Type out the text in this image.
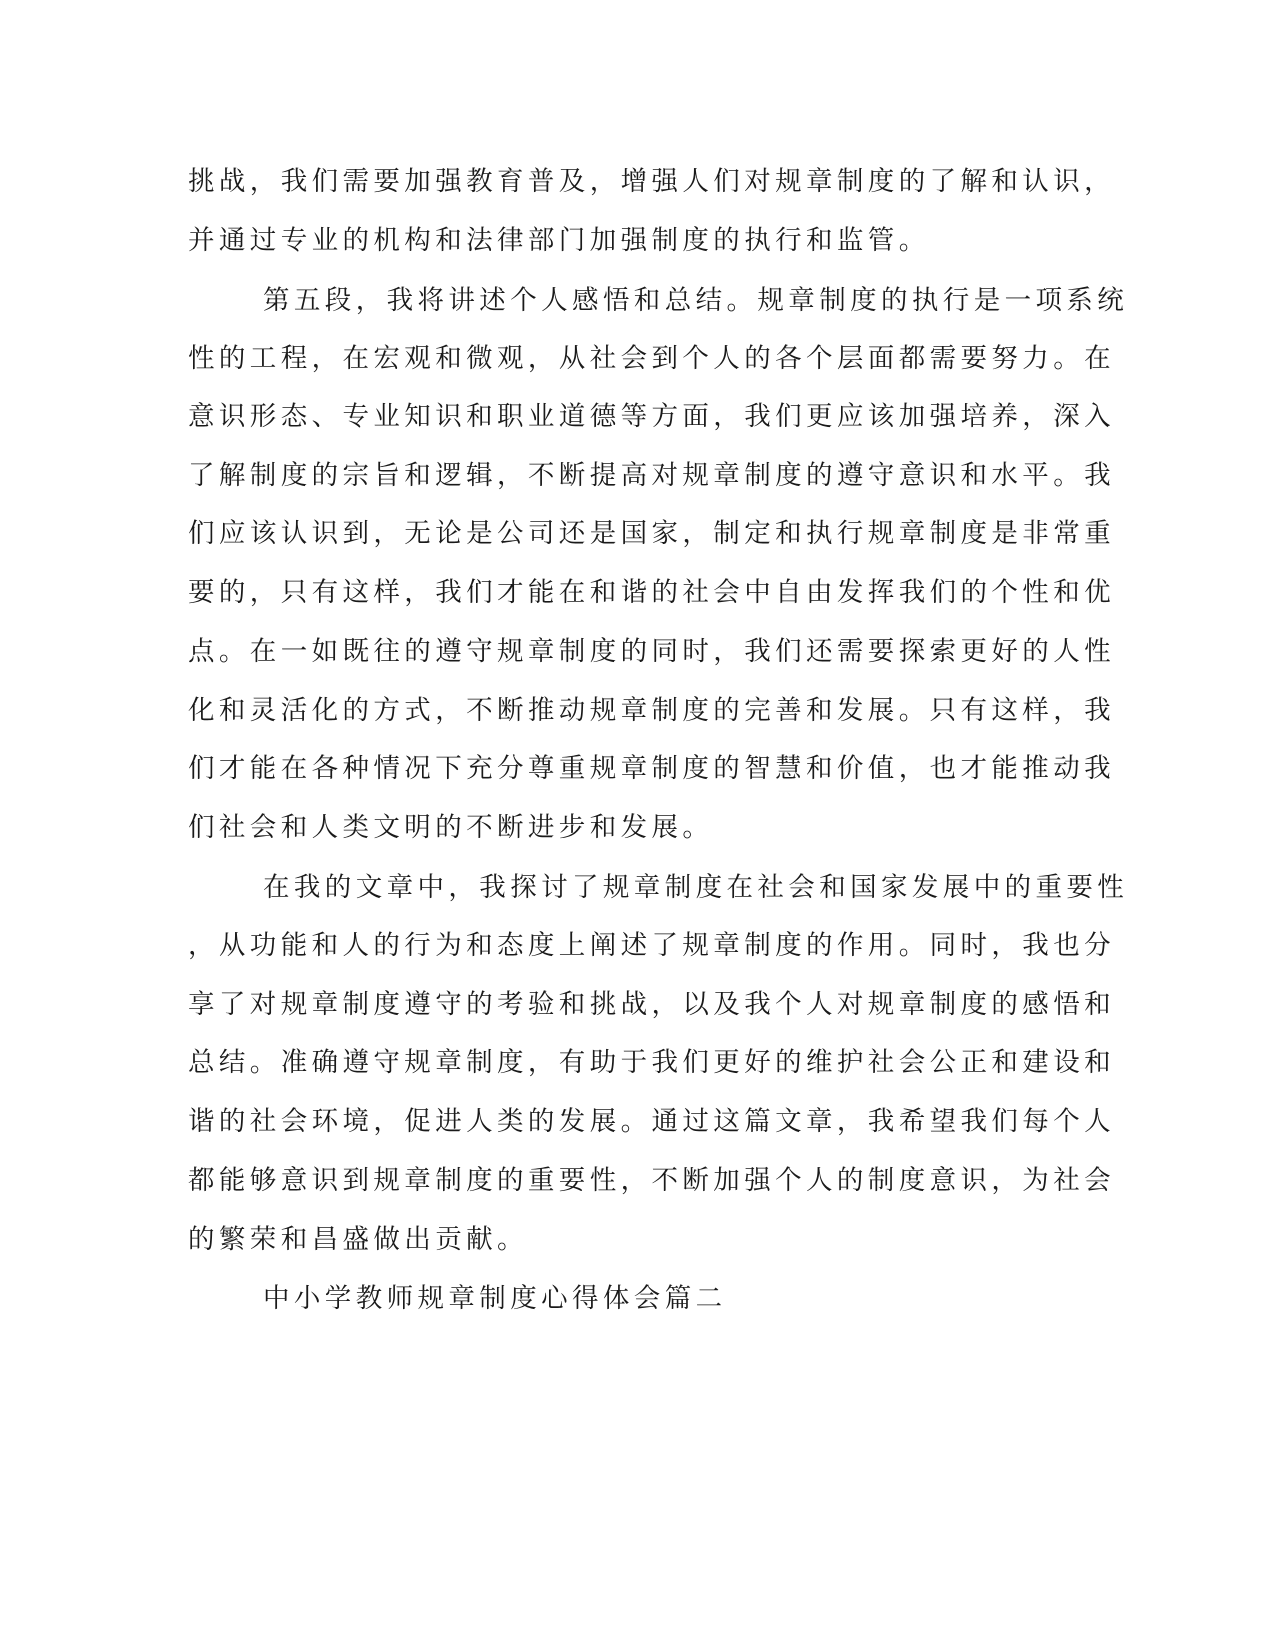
挑战，我们需要加强教育普及，增强人们对规章制度的了解和认识，
并通过专业的机构和法律部门加强制度的执行和监管。
第五段，我将讲述个人感悟和总结。规章制度的执行是一项系统
性的工程，在宏观和微观，从社会到个人的各个层面都需要努力。在
意识形态、专业知识和职业道德等方面，我们更应该加强培养，深入
了解制度的宗旨和逻辑，不断提高对规章制度的遵守意识和水平。我
们应该认识到，无论是公司还是国家，制定和执行规章制度是非常重
要的，只有这样，我们才能在和谐的社会中自由发挥我们的个性和优
点。在一如既往的遵守规章制度的同时，我们还需要探索更好的人性
化和灵活化的方式，不断推动规章制度的完善和发展。只有这样，我
们才能在各种情况下充分尊重规章制度的智慧和价值，也才能推动我
们社会和人类文明的不断进步和发展。
在我的文章中，我探讨了规章制度在社会和国家发展中的重要性
，从功能和人的行为和态度上阐述了规章制度的作用。同时，我也分
享了对规章制度遵守的考验和挑战，以及我个人对规章制度的感悟和
总结。准确遵守规章制度，有助于我们更好的维护社会公正和建设和
谐的社会环境，促进人类的发展。通过这篇文章，我希望我们每个人
都能够意识到规章制度的重要性，不断加强个人的制度意识，为社会
的繁荣和昌盛做出贡献。
中小学教师规章制度心得体会篇二
